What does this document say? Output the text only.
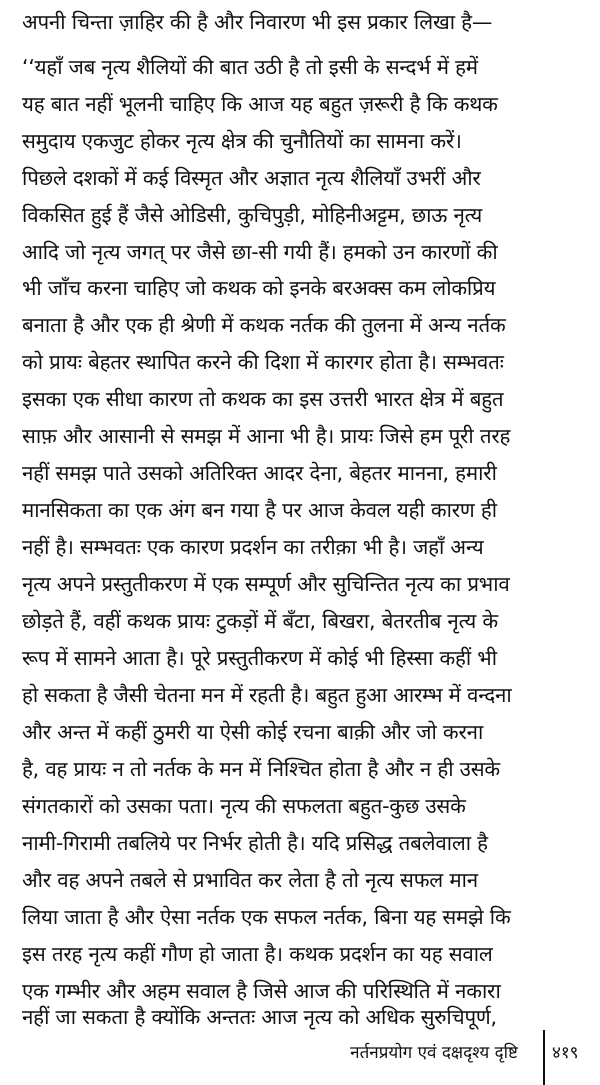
अपनी चिन्ता ज़ाहिर की है और निवारण भी इस प्रकार लिखा है—
‘‘यहाँ जब नृत्य शैलियों की बात उठी है तो इसी के सन्दर्भ में हमें
यह बात नहीं भूलनी चाहिए कि आज यह बहुत ज़रूरी है कि कथक
समुदाय एकजुट होकर नृत्य क्षेत्र की चुनौतियों का सामना करें।
पिछले दशकों में कई विस्मृत और अज्ञात नृत्य शैलियाँ उभरीं और
विकसित हुई हैं जैसे ओडिसी, कुचिपुड़ी, मोहिनीअट्टम, छाऊ नृत्य
आदि जो नृत्य जगत् पर जैसे छा-सी गयी हैं। हमको उन कारणों की
भी जाँच करना चाहिए जो कथक को इनके बरअक्स कम लोकप्रिय
बनाता है और एक ही श्रेणी में कथक नर्तक की तुलना में अन्य नर्तक
को प्रायः बेहतर स्थापित करने की दिशा में कारगर होता है। सम्भवतः
इसका एक सीधा कारण तो कथक का इस उत्तरी भारत क्षेत्र में बहुत
साफ़ और आसानी से समझ में आना भी है। प्रायः जिसे हम पूरी तरह
नहीं समझ पाते उसको अतिरिक्त आदर देना, बेहतर मानना, हमारी
मानसिकता का एक अंग बन गया है पर आज केवल यही कारण ही
नहीं है। सम्भवतः एक कारण प्रदर्शन का तरीक़ा भी है। जहाँ अन्य
नृत्य अपने प्रस्तुतीकरण में एक सम्पूर्ण और सुचिन्तित नृत्य का प्रभाव
छोड़ते हैं, वहीं कथक प्रायः टुकड़ों में बँटा, बिखरा, बेतरतीब नृत्य के
रूप में सामने आता है। पूरे प्रस्तुतीकरण में कोई भी हिस्सा कहीं भी
हो सकता है जैसी चेतना मन में रहती है। बहुत हुआ आरम्भ में वन्दना
और अन्त में कहीं ठुमरी या ऐसी कोई रचना बाक़ी और जो करना
है, वह प्रायः न तो नर्तक के मन में निश्चित होता है और न ही उसके
संगतकारों को उसका पता। नृत्य की सफलता बहुत-कुछ उसके
नामी-गिरामी तबलिये पर निर्भर होती है। यदि प्रसिद्ध तबलेवाला है
और वह अपने तबले से प्रभावित कर लेता है तो नृत्य सफल मान
लिया जाता है और ऐसा नर्तक एक सफल नर्तक, बिना यह समझे कि
इस तरह नृत्य कहीं गौण हो जाता है। कथक प्रदर्शन का यह सवाल
एक गम्भीर और अहम सवाल है जिसे आज की परिस्थिति में नकारा
नहीं जा सकता है क्योंकि अन्ततः आज नृत्य को अधिक सुरुचिपूर्ण,
नर्तनप्रयोग एवं दक्षदृश्य दृष्टि ४१९
